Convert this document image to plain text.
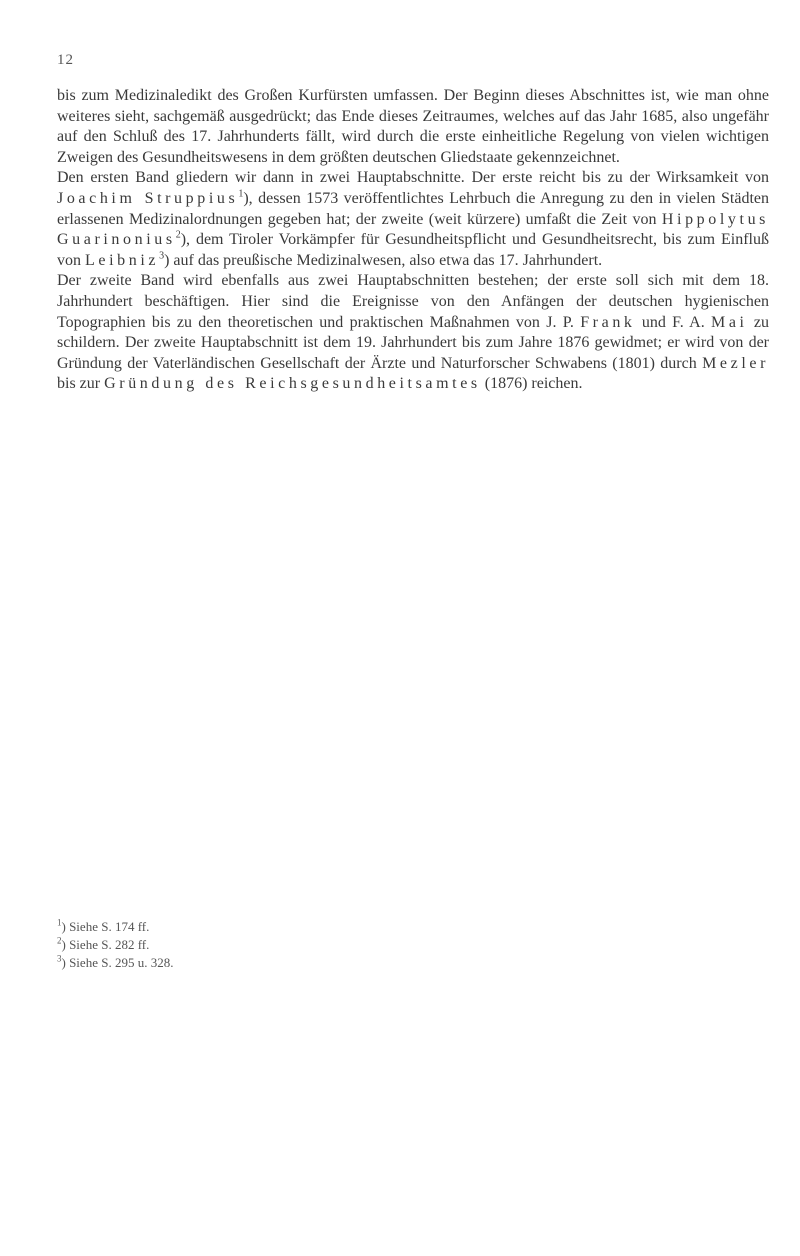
12

bis zum Medizinaledikt des Großen Kurfürsten umfassen. Der Beginn dieses Abschnittes ist, wie man ohne weiteres sieht, sachgemäß ausgedrückt; das Ende dieses Zeitraumes, welches auf das Jahr 1685, also ungefähr auf den Schluß des 17. Jahrhunderts fällt, wird durch die erste einheitliche Regelung von vielen wichtigen Zweigen des Gesundheitswesens in dem größten deutschen Gliedstaate gekennzeichnet.

Den ersten Band gliedern wir dann in zwei Hauptabschnitte. Der erste reicht bis zu der Wirksamkeit von Joachim Struppius$^1$), dessen 1573 veröffentlichtes Lehrbuch die Anregung zu den in vielen Städten erlassenen Medizinalordnungen gegeben hat; der zweite (weit kürzere) umfaßt die Zeit von Hippolytus Guarinonius$^2$), dem Tiroler Vorkämpfer für Gesundheitspflicht und Gesundheitsrecht, bis zum Einfluß von Leibniz$^3$) auf das preußische Medizinalwesen, also etwa das 17. Jahrhundert.

Der zweite Band wird ebenfalls aus zwei Hauptabschnitten bestehen; der erste soll sich mit dem 18. Jahrhundert beschäftigen. Hier sind die Ereignisse von den Anfängen der deutschen hygienischen Topographien bis zu den theoretischen und praktischen Maßnahmen von J. P. Frank und F. A. Mai zu schildern. Der zweite Hauptabschnitt ist dem 19. Jahrhundert bis zum Jahre 1876 gewidmet; er wird von der Gründung der Vaterländischen Gesellschaft der Ärzte und Naturforscher Schwabens (1801) durch Mezler bis zur Gründung des Reichsgesundheitsamtes (1876) reichen.

$^1$) Siehe S. 174 ff.
$^2$) Siehe S. 282 ff.
$^3$) Siehe S. 295 u. 328.
